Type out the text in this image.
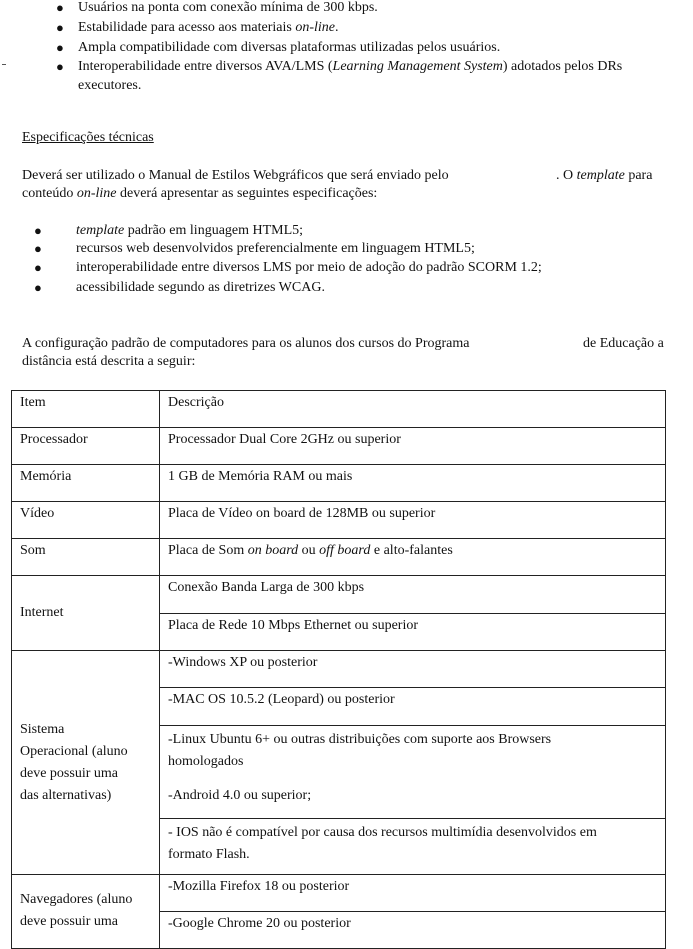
● Usuários na ponta com conexão mínima de 300 kbps.
● Estabilidade para acesso aos materiais on-line.
● Ampla compatibilidade com diversas plataformas utilizadas pelos usuários.
● Interoperabilidade entre diversos AVA/LMS (Learning Management System) adotados pelos DRs
executores.
Especificações técnicas
Deverá ser utilizado o Manual de Estilos Webgráficos que será enviado pelo	. O template para
conteúdo on-line deverá apresentar as seguintes especificações:
● template padrão em linguagem HTML5;
● recursos web desenvolvidos preferencialmente em linguagem HTML5;
● interoperabilidade entre diversos LMS por meio de adoção do padrão SCORM 1.2;
● acessibilidade segundo as diretrizes WCAG.
A configuração padrão de computadores para os alunos dos cursos do Programa	de Educação a
distância está descrita a seguir:
Item	Descrição
Processador	Processador Dual Core 2GHz ou superior
Memória	1 GB de Memória RAM ou mais
Vídeo	Placa de Vídeo on board de 128MB ou superior
Som	Placa de Som on board ou off board e alto-falantes
Internet	Conexão Banda Larga de 300 kbps
	Placa de Rede 10 Mbps Ethernet ou superior

Sistema
Operacional (aluno
deve possuir uma
das alternativas)	-Windows XP ou posterior
	-MAC OS 10.5.2 (Leopard) ou posterior

	-Linux Ubuntu 6+ ou outras distribuições com suporte aos Browsers
homologados
-Android 4.0 ou superior;

	- IOS não é compatível por causa dos recursos multimídia desenvolvidos em
formato Flash.

Navegadores (aluno
deve possuir uma	-Mozilla Firefox 18 ou posterior
	-Google Chrome 20 ou posterior
